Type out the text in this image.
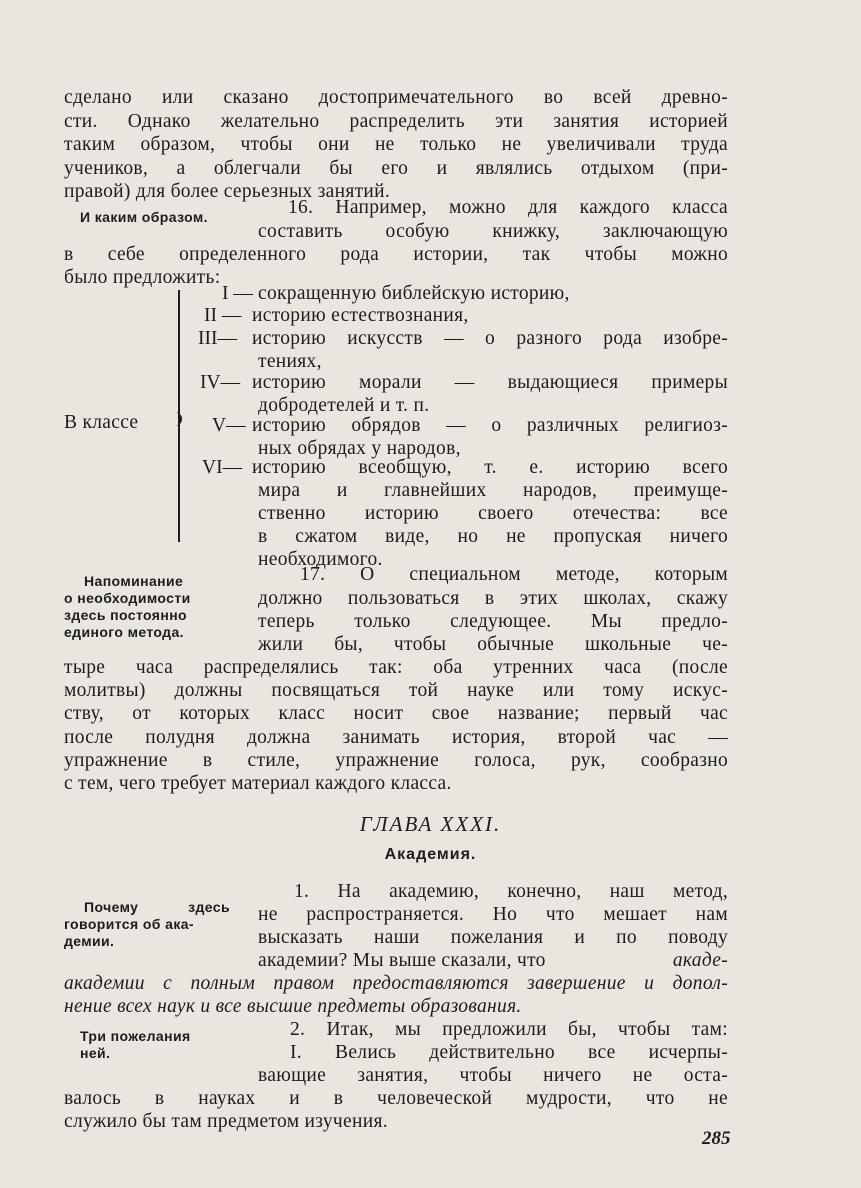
сделано или сказано достопримечательного во всей древно-
сти. Однако желательно распределить эти занятия историей
таким образом, чтобы они не только не увеличивали труда
учеников, а облегчали бы его и являлись отдыхом (при-
правой) для более серьезных занятий.
И каким образом.	16. Например, можно для каждого класса
составить особую книжку, заключающую
в себе определенного рода истории, так чтобы можно
было предложить:
В классе
I — сокращенную библейскую историю,
II — историю естествознания,
III— историю искусств — о разного рода изобре-
тениях,
IV— историю морали — выдающиеся примеры
добродетелей и т. п.
V— историю обрядов — о различных религиоз-
ных обрядах у народов,
VI— историю всеобщую, т. е. историю всего
мира и главнейших народов, преимуще-
ственно историю своего отечества: все
в сжатом виде, но не пропуская ничего
необходимого.
Напоминание
о необходимости
здесь постоянно
единого метода.
17. О специальном методе, которым
должно пользоваться в этих школах, скажу
теперь только следующее. Мы предло-
жили бы, чтобы обычные школьные че-
тыре часа распределялись так: оба утренних часа (после
молитвы) должны посвящаться той науке или тому искус-
ству, от которых класс носит свое название; первый час
после полудня должна занимать история, второй час —
упражнение в стиле, упражнение голоса, рук, сообразно
с тем, чего требует материал каждого класса.
ГЛАВА XXXI.
Академия.
Почему здесь
говорится об ака-
демии.
1. На академию, конечно, наш метод,
не распространяется. Но что мешает нам
высказать наши пожелания и по поводу
академии? Мы выше сказали, что	акаде-
академии с полным правом предоставляются завершение и допол-
нение всех наук и все высшие предметы образования.
Три пожелания
ней.
2. Итак, мы предложили бы, чтобы там:
I. Велись действительно все исчерпы-
вающие занятия, чтобы ничего не оста-
валось в науках и в человеческой мудрости, что не
служило бы там предметом изучения.
285
